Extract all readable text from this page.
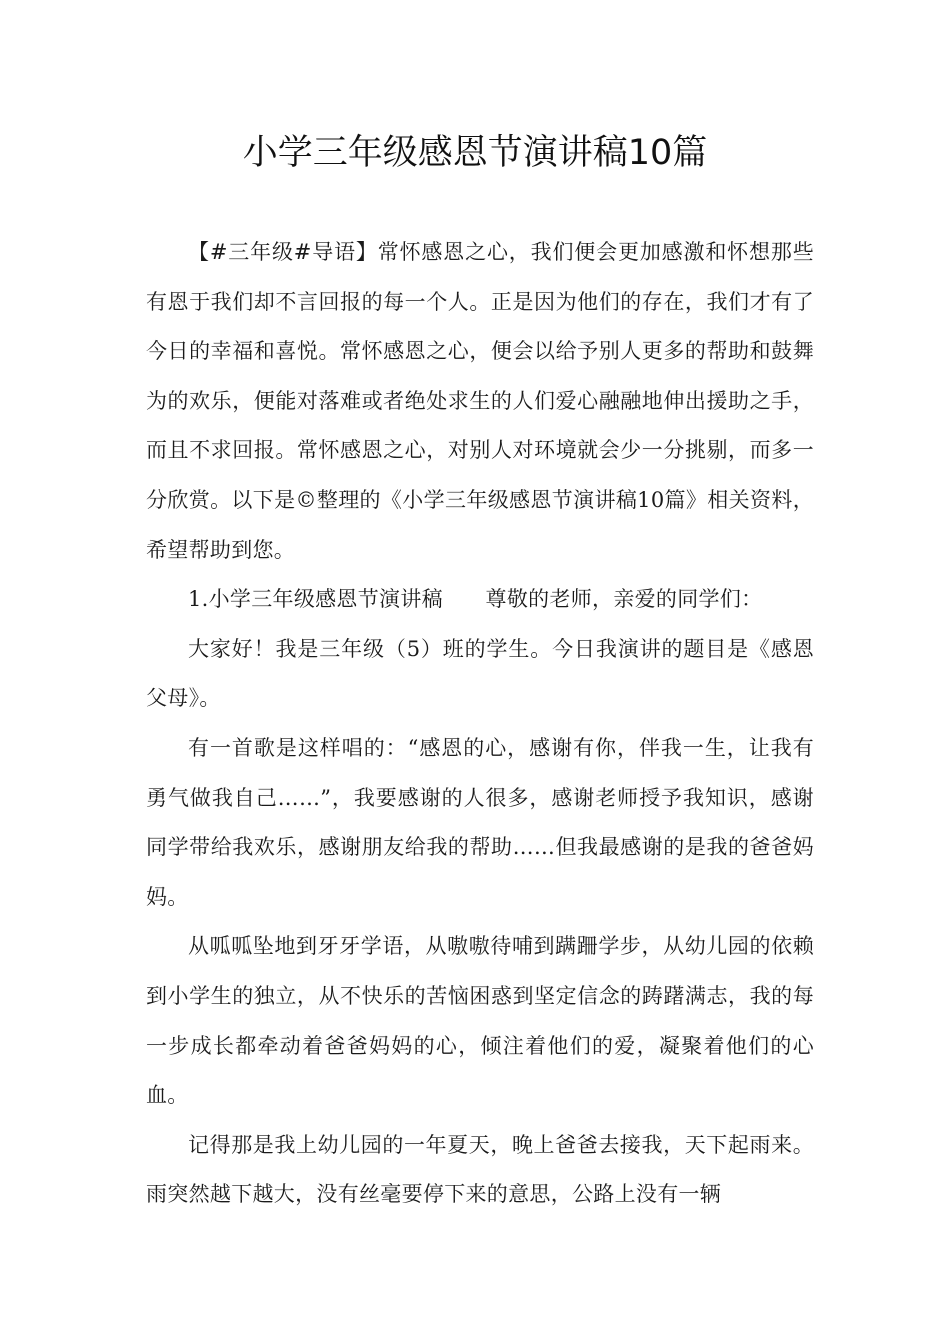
小学三年级感恩节演讲稿10篇

【#三年级#导语】常怀感恩之心，我们便会更加感激和怀想那些有恩于我们却不言回报的每一个人。正是因为他们的存在，我们才有了今日的幸福和喜悦。常怀感恩之心，便会以给予别人更多的帮助和鼓舞为的欢乐，便能对落难或者绝处求生的人们爱心融融地伸出援助之手，而且不求回报。常怀感恩之心，对别人对环境就会少一分挑剔，而多一分欣赏。以下是©整理的《小学三年级感恩节演讲稿10篇》相关资料，希望帮助到您。

1.小学三年级感恩节演讲稿　　尊敬的老师，亲爱的同学们：

大家好！我是三年级（5）班的学生。今日我演讲的题目是《感恩父母》。

有一首歌是这样唱的：“感恩的心，感谢有你，伴我一生，让我有勇气做我自己……”，我要感谢的人很多，感谢老师授予我知识，感谢同学带给我欢乐，感谢朋友给我的帮助……但我最感谢的是我的爸爸妈妈。

从呱呱坠地到牙牙学语，从嗷嗷待哺到蹒跚学步，从幼儿园的依赖到小学生的独立，从不快乐的苦恼困惑到坚定信念的踌躇满志，我的每一步成长都牵动着爸爸妈妈的心，倾注着他们的爱，凝聚着他们的心血。

记得那是我上幼儿园的一年夏天，晚上爸爸去接我，天下起雨来。雨突然越下越大，没有丝毫要停下来的意思，公路上没有一辆
